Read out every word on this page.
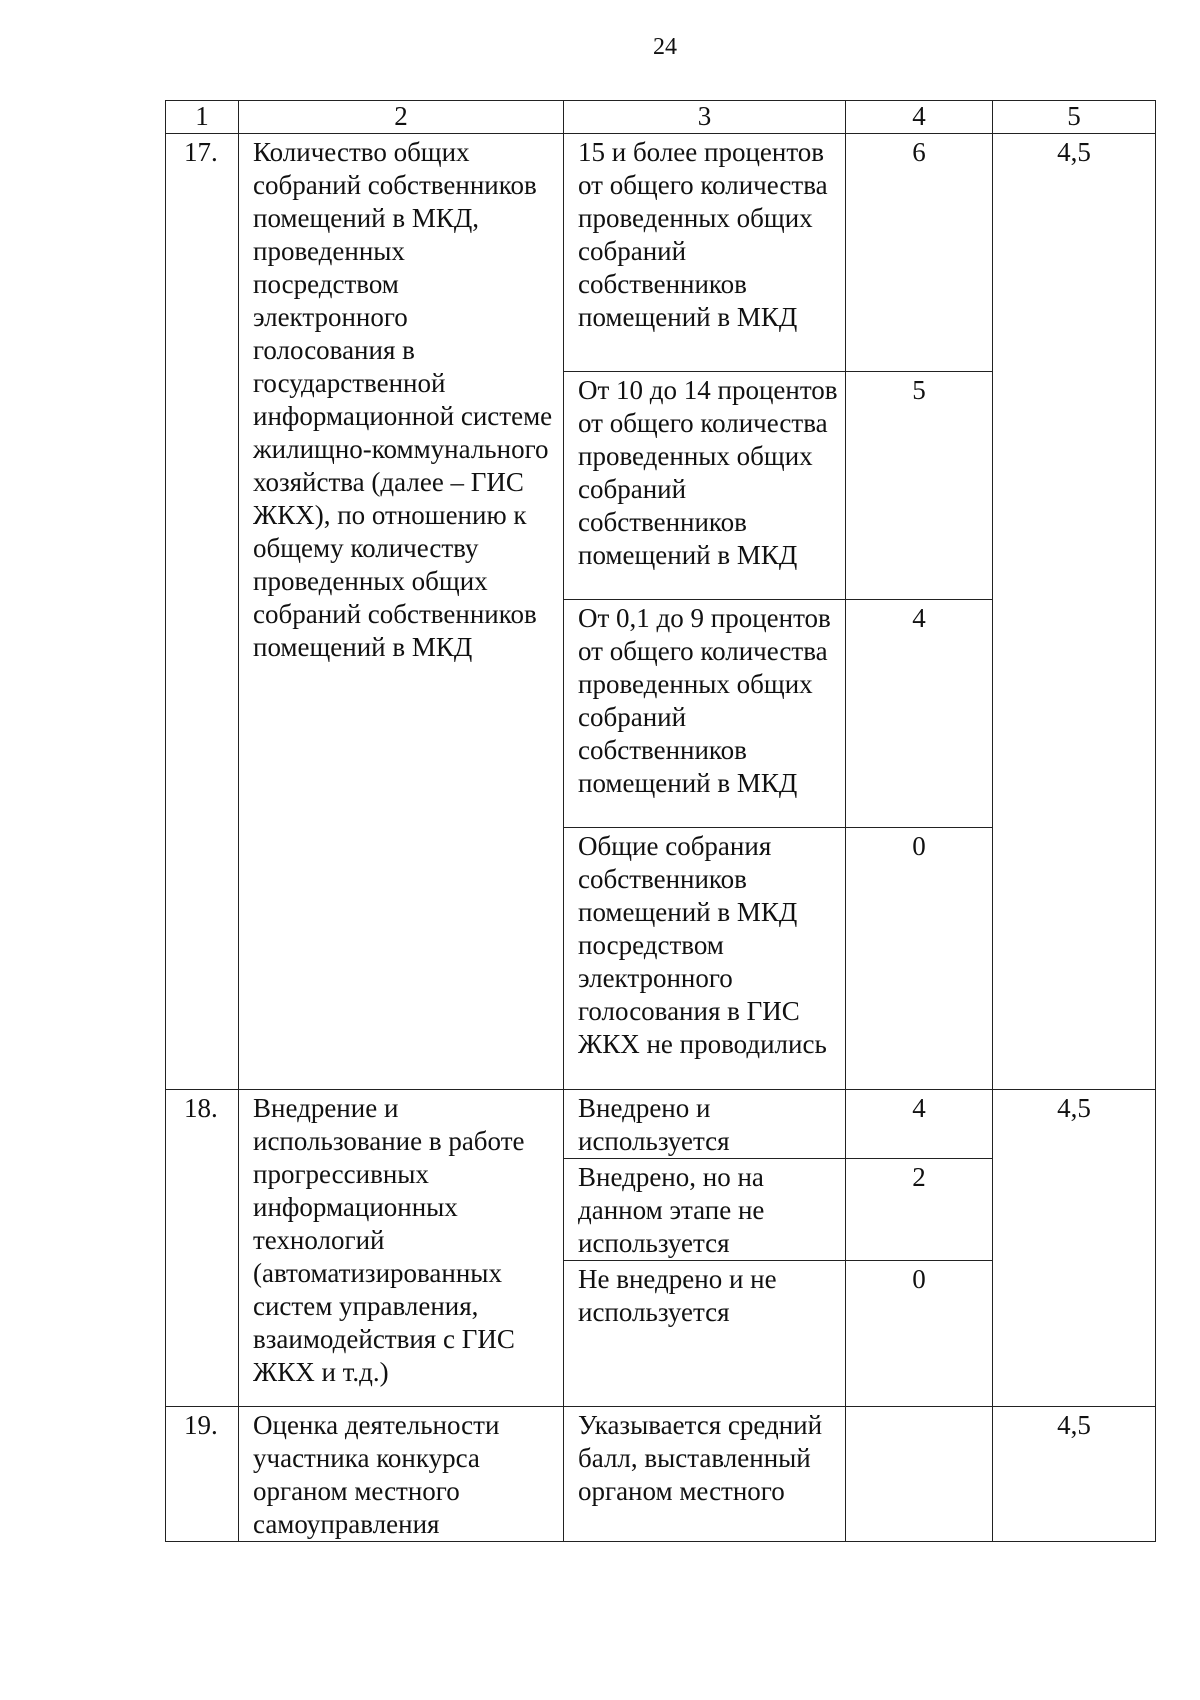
24
1	2	3	4	5
17.	Количество общих собраний собственников помещений в МКД, проведенных посредством электронного голосования в государственной информационной системе жилищно-коммунального хозяйства (далее – ГИС ЖКХ), по отношению к общему количеству проведенных общих собраний собственников помещений в МКД	15 и более процентов от общего количества проведенных общих собраний собственников помещений в МКД	6	4,5
		От 10 до 14 процентов от общего количества проведенных общих собраний собственников помещений в МКД	5	
		От 0,1 до 9 процентов от общего количества проведенных общих собраний собственников помещений в МКД	4	
		Общие собрания собственников помещений в МКД посредством электронного голосования в ГИС ЖКХ не проводились	0	
18.	Внедрение и использование в работе прогрессивных информационных технологий (автоматизированных систем управления, взаимодействия с ГИС ЖКХ и т.д.)	Внедрено и используется	4	4,5
		Внедрено, но на данном этапе не используется	2	
		Не внедрено и не используется	0	
19.	Оценка деятельности участника конкурса органом местного самоуправления	Указывается средний балл, выставленный органом местного		4,5
